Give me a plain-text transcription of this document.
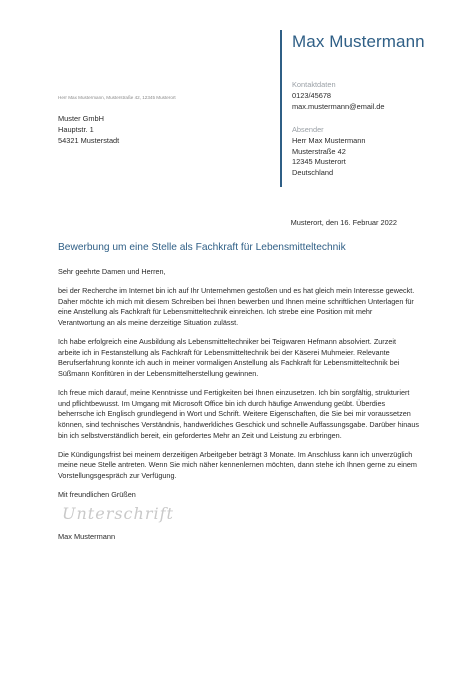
Max Mustermann
Kontaktdaten
0123/45678
max.mustermann@email.de
Absender
Herr Max Mustermann
Musterstraße 42
12345 Musterort
Deutschland
Herr Max Mustermann, Musterstraße 42, 12345 Musterort
Muster GmbH
Hauptstr. 1
54321 Musterstadt
Musterort, den 16. Februar 2022
Bewerbung um eine Stelle als Fachkraft für Lebensmitteltechnik

Sehr geehrte Damen und Herren,

bei der Recherche im Internet bin ich auf Ihr Unternehmen gestoßen und es hat gleich mein Interesse geweckt.
Daher möchte ich mich mit diesem Schreiben bei Ihnen bewerben und Ihnen meine schriftlichen Unterlagen für
eine Anstellung als Fachkraft für Lebensmitteltechnik einreichen. Ich strebe eine Position mit mehr
Verantwortung an als meine derzeitige Situation zulässt.

Ich habe erfolgreich eine Ausbildung als Lebensmitteltechniker bei Teigwaren Hefmann absolviert. Zurzeit
arbeite ich in Festanstellung als Fachkraft für Lebensmitteltechnik bei der Käserei Muhmeier. Relevante
Berufserfahrung konnte ich auch in meiner vormaligen Anstellung als Fachkraft für Lebensmitteltechnik bei
Süßmann Konfitüren in der Lebensmittelherstellung gewinnen.

Ich freue mich darauf, meine Kenntnisse und Fertigkeiten bei Ihnen einzusetzen. Ich bin sorgfältig, strukturiert
und pflichtbewusst. Im Umgang mit Microsoft Office bin ich durch häufige Anwendung geübt. Überdies
beherrsche ich Englisch grundlegend in Wort und Schrift. Weitere Eigenschaften, die Sie bei mir voraussetzen
können, sind technisches Verständnis, handwerkliches Geschick und schnelle Auffassungsgabe. Darüber hinaus
bin ich selbstverständlich bereit, ein gefordertes Mehr an Zeit und Leistung zu erbringen.

Die Kündigungsfrist bei meinem derzeitigen Arbeitgeber beträgt 3 Monate. Im Anschluss kann ich unverzüglich
meine neue Stelle antreten. Wenn Sie mich näher kennenlernen möchten, dann stehe ich Ihnen gerne zu einem
Vorstellungsgespräch zur Verfügung.

Mit freundlichen Grüßen

Unterschrift
Max Mustermann
